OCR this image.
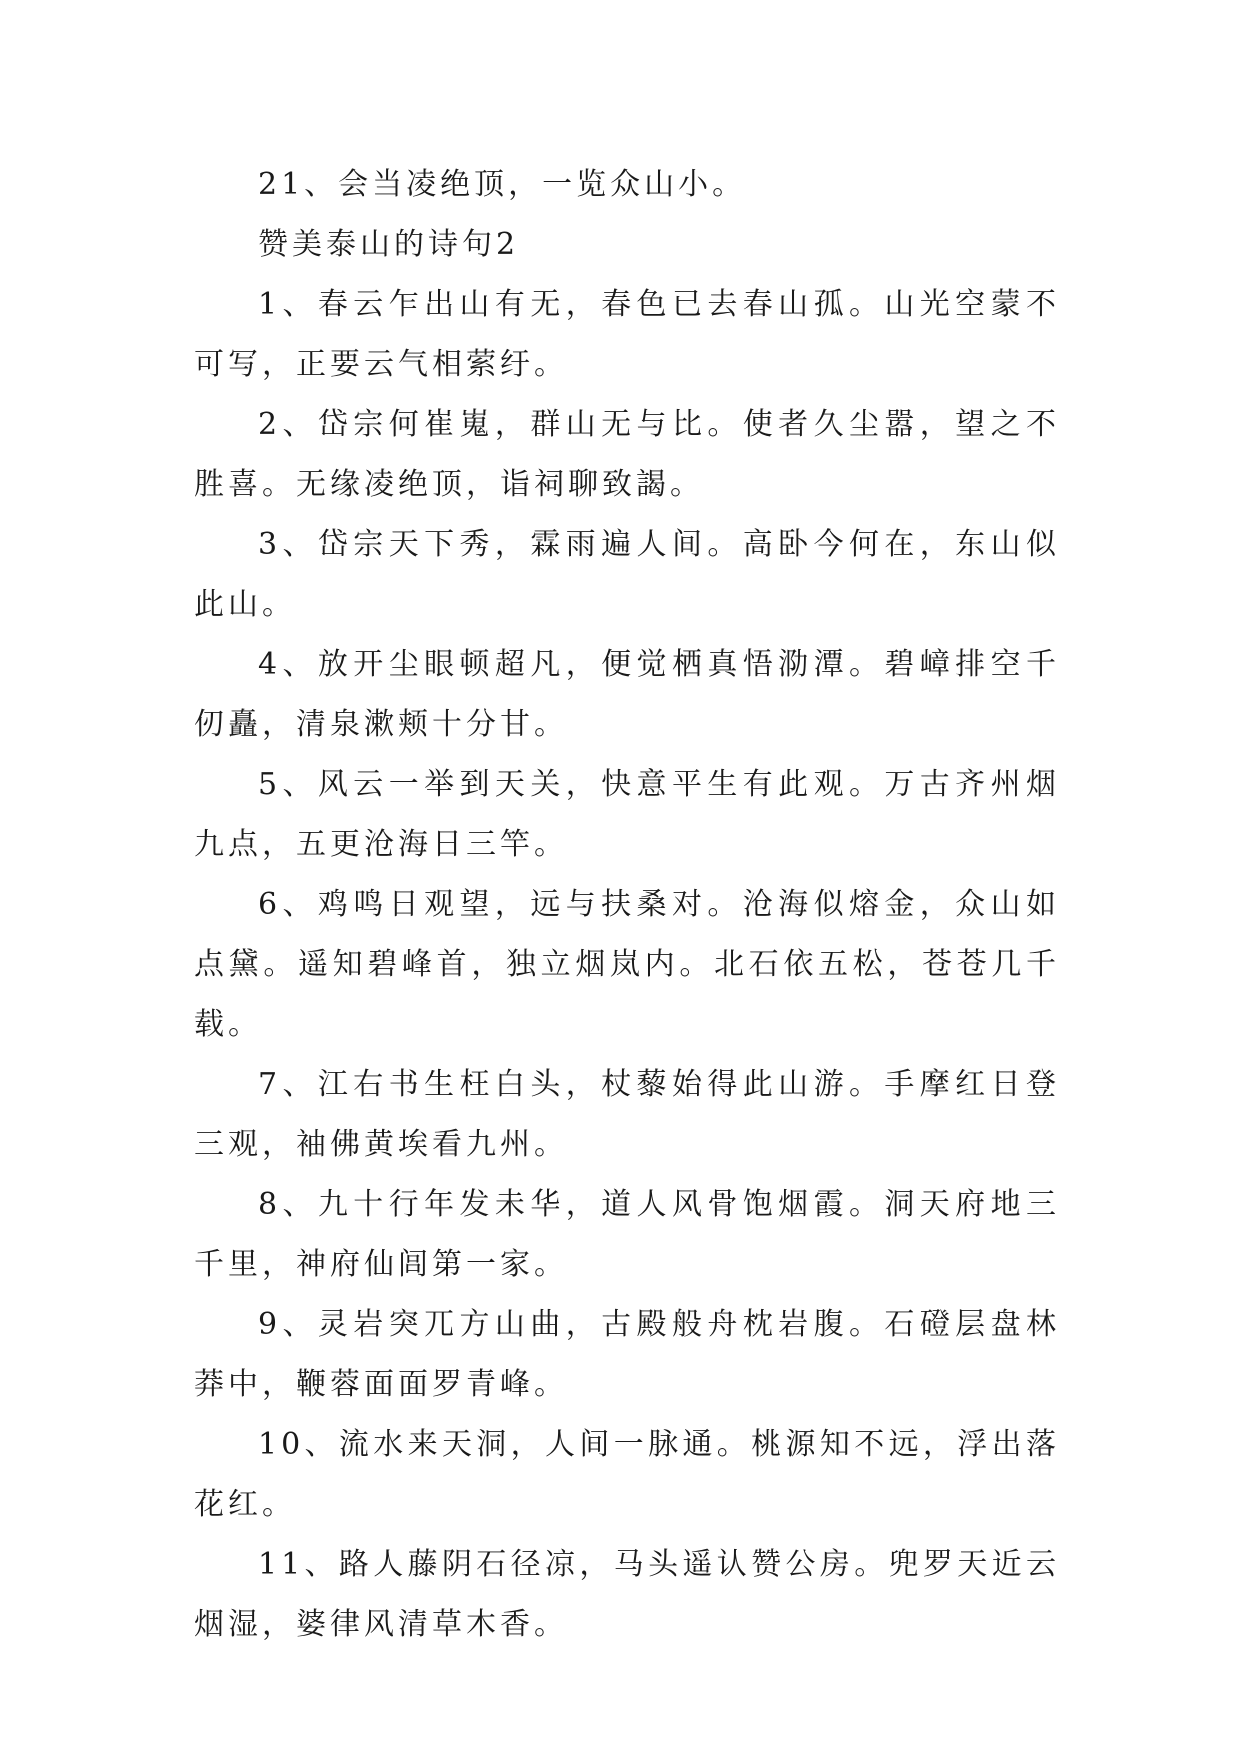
21、会当凌绝顶，一览众山小。

赞美泰山的诗句2

1、春云乍出山有无，春色已去春山孤。山光空蒙不可写，正要云气相萦纡。

2、岱宗何崔嵬，群山无与比。使者久尘嚣，望之不胜喜。无缘凌绝顶，诣祠聊致謁。

3、岱宗天下秀，霖雨遍人间。高卧今何在，东山似此山。

4、放开尘眼顿超凡，便觉栖真悟泐潭。碧嶂排空千仞矗，清泉漱颊十分甘。

5、风云一举到天关，快意平生有此观。万古齐州烟九点，五更沧海日三竿。

6、鸡鸣日观望，远与扶桑对。沧海似熔金，众山如点黛。遥知碧峰首，独立烟岚内。北石依五松，苍苍几千载。

7、江右书生枉白头，杖藜始得此山游。手摩红日登三观，袖佛黄埃看九州。

8、九十行年发未华，道人风骨饱烟霞。洞天府地三千里，神府仙闾第一家。

9、灵岩突兀方山曲，古殿般舟枕岩腹。石磴层盘林莽中，鞭蓉面面罗青峰。

10、流水来天洞，人间一脉通。桃源知不远，浮出落花红。

11、路人藤阴石径凉，马头遥认赞公房。兜罗天近云烟湿，婆律风清草木香。
